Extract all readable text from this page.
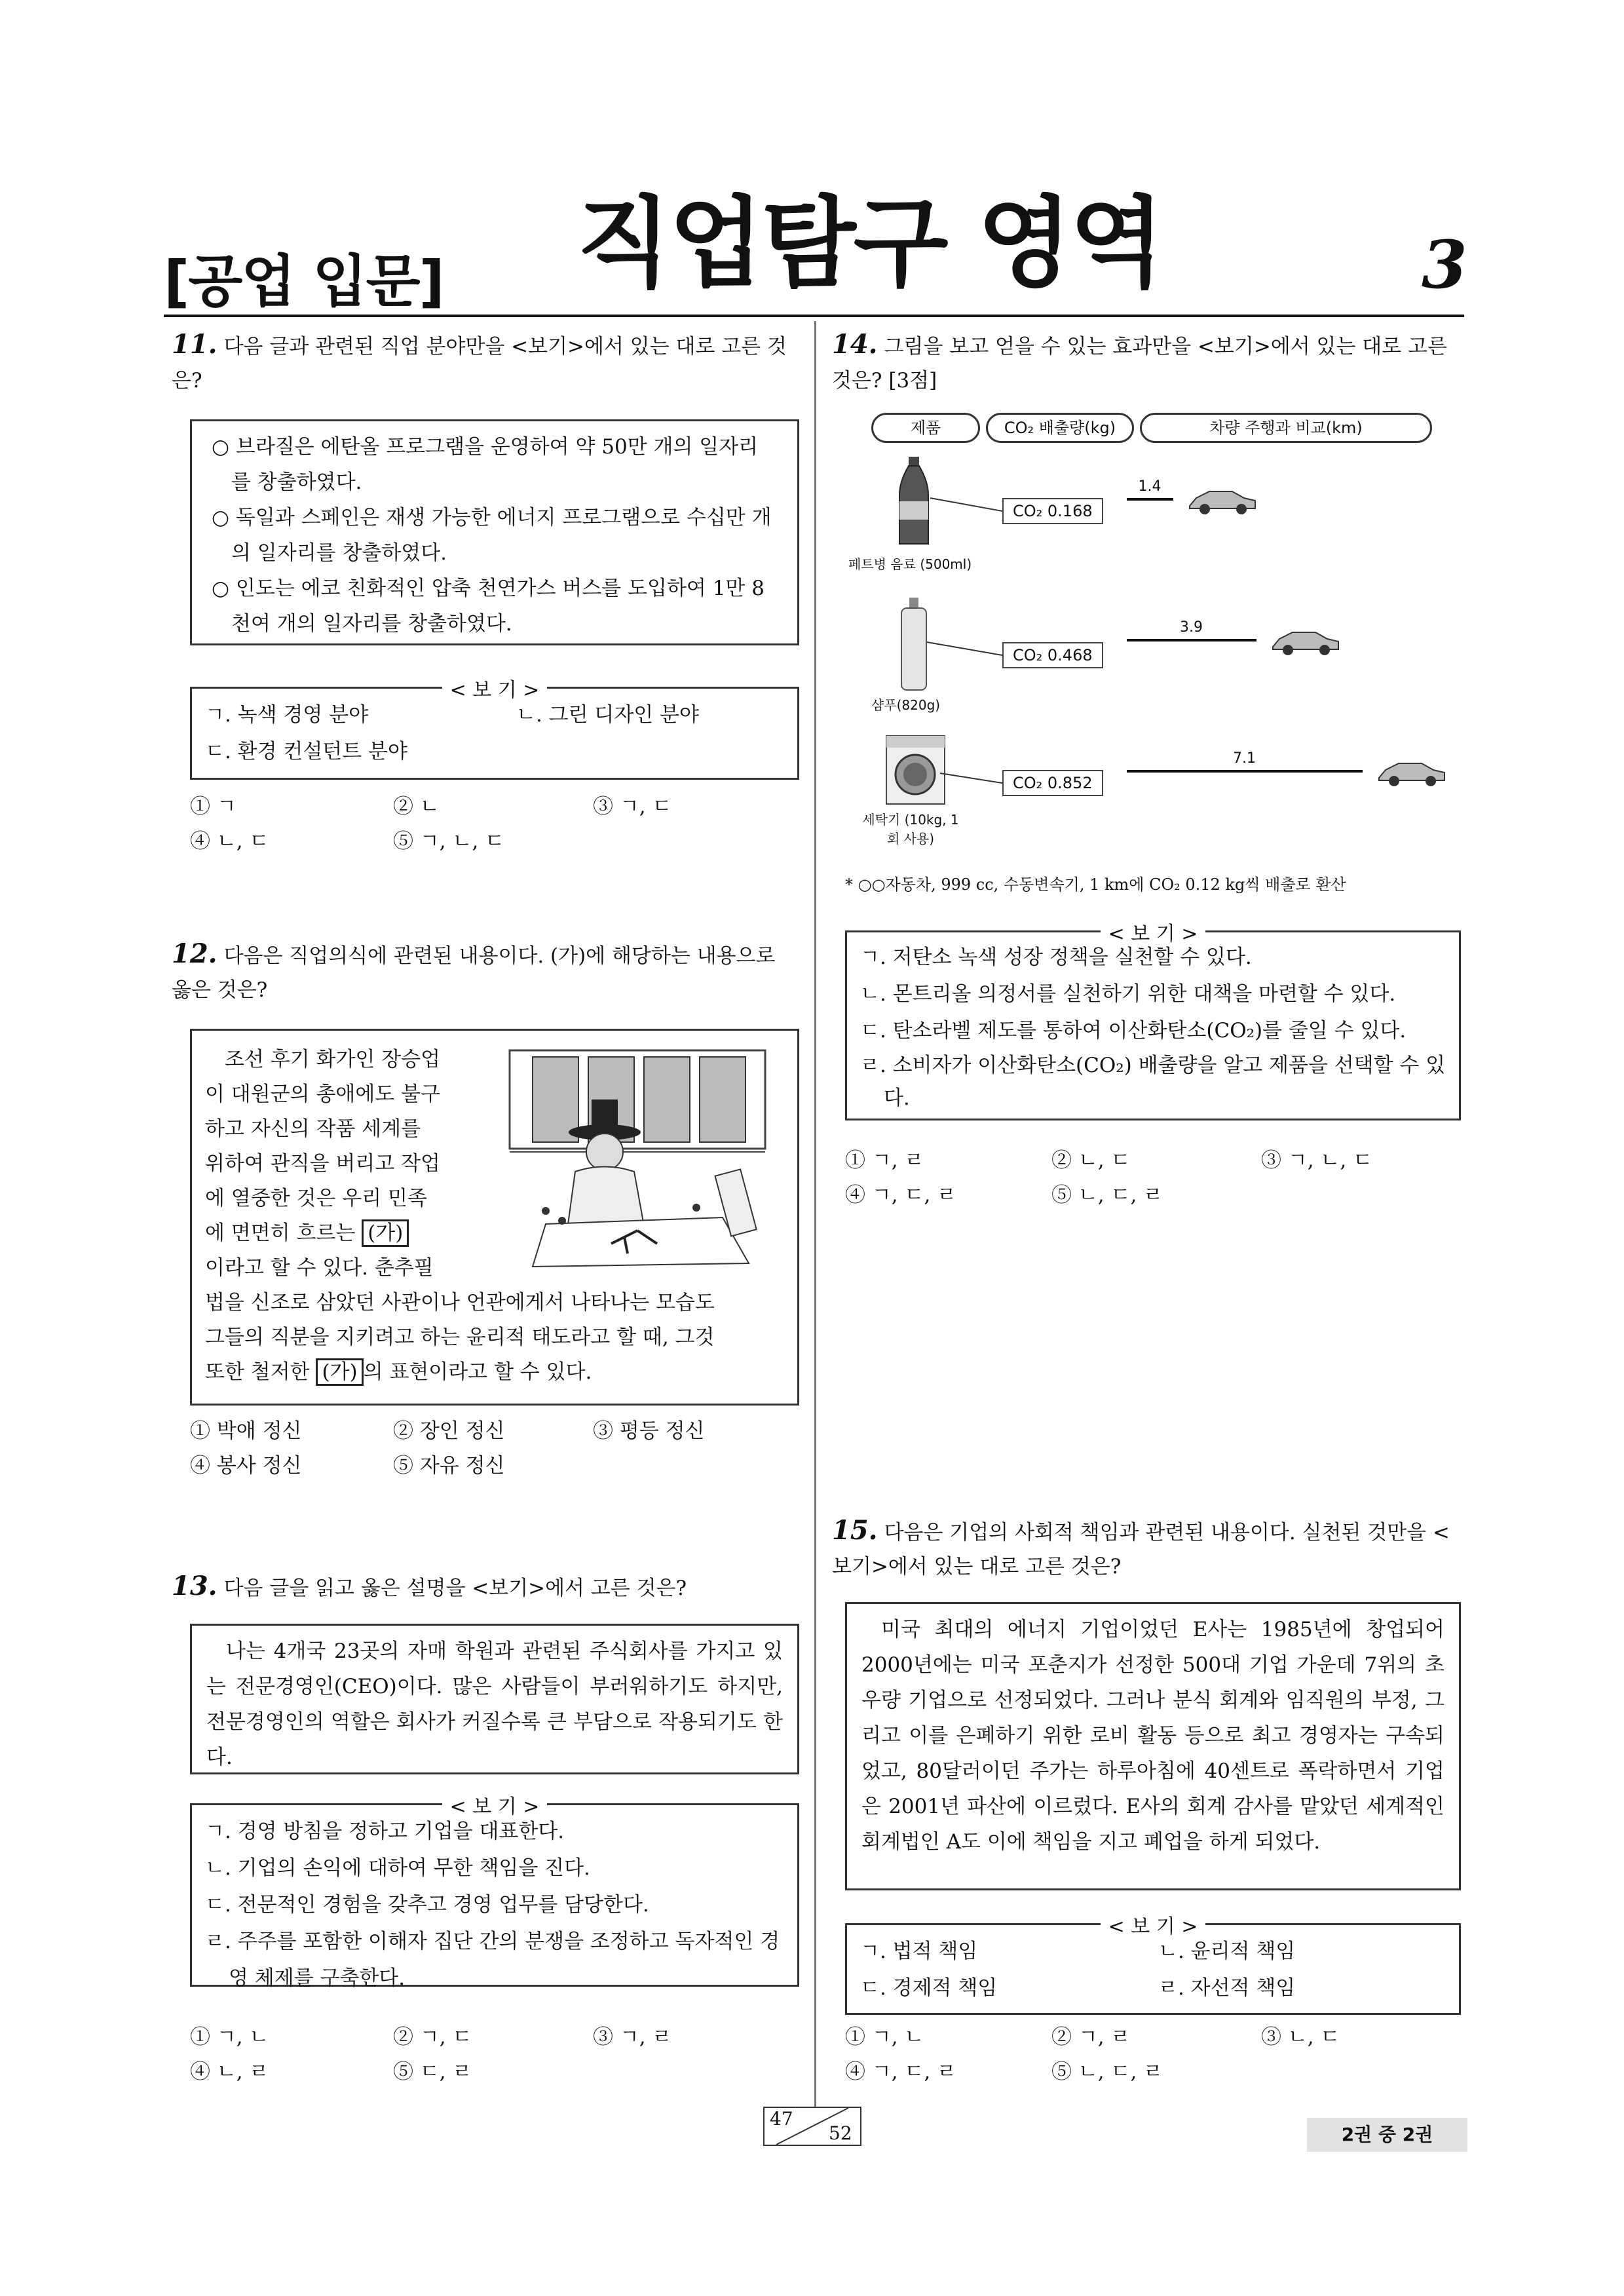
[공업 입문] 직업탐구 영역	3
11. 다음 글과 관련된 직업 분야만을 <보기>에서 있는 대로 고른 것은?
○ 브라질은 에탄올 프로그램을 운영하여 약 50만 개의 일자리를 창출하였다.
○ 독일과 스페인은 재생 가능한 에너지 프로그램으로 수십만 개의 일자리를 창출하였다.
○ 인도는 에코 친화적인 압축 천연가스 버스를 도입하여 1만 8천여 개의 일자리를 창출하였다.
< 보 기 >
ㄱ. 녹색 경영 분야	ㄴ. 그린 디자인 분야
ㄷ. 환경 컨설턴트 분야
① ㄱ	② ㄴ	③ ㄱ, ㄷ
④ ㄴ, ㄷ	⑤ ㄱ, ㄴ, ㄷ
12. 다음은 직업의식에 관련된 내용이다. (가)에 해당하는 내용으로 옳은 것은?
조선 후기 화가인 장승업
이 대원군의 총애에도 불구
하고 자신의 작품 세계를
위하여 관직을 버리고 작업
에 열중한 것은 우리 민족
에 면면히 흐르는 (가)
이라고 할 수 있다. 춘추필
법을 신조로 삼았던 사관이나 언관에게서 나타나는 모습도
그들의 직분을 지키려고 하는 윤리적 태도라고 할 때, 그것
또한 철저한 (가) 의 표현이라고 할 수 있다.
① 박애 정신	② 장인 정신	③ 평등 정신
④ 봉사 정신	⑤ 자유 정신
13. 다음 글을 읽고 옳은 설명을 <보기>에서 고른 것은?
나는 4개국 23곳의 자매 학원과 관련된 주식회사를 가지고 있는 전문경영인(CEO)이다. 많은 사람들이 부러워하기도 하지만, 전문경영인의 역할은 회사가 커질수록 큰 부담으로 작용되기도 한다.
< 보 기 >
ㄱ. 경영 방침을 정하고 기업을 대표한다.
ㄴ. 기업의 손익에 대하여 무한 책임을 진다.
ㄷ. 전문적인 경험을 갖추고 경영 업무를 담당한다.
ㄹ. 주주를 포함한 이해자 집단 간의 분쟁을 조정하고 독자적인 경영 체제를 구축한다.
① ㄱ, ㄴ	② ㄱ, ㄷ	③ ㄱ, ㄹ
④ ㄴ, ㄹ	⑤ ㄷ, ㄹ
14. 그림을 보고 얻을 수 있는 효과만을 <보기>에서 있는 대로 고른 것은? [3점]
제품	CO₂ 배출량(kg)	차량 주행과 비교(km)
페트병 음료 (500ml)
CO₂ 0.168
샴푸(820g)
CO₂ 0.468
세탁기 (10kg, 1회 사용)
CO₂ 0.852
1.4
3.9
7.1
* ○○자동차, 999 cc, 수동변속기, 1 km에 CO₂ 0.12 kg씩 배출로 환산
< 보 기 >
ㄱ. 저탄소 녹색 성장 정책을 실천할 수 있다.
ㄴ. 몬트리올 의정서를 실천하기 위한 대책을 마련할 수 있다.
ㄷ. 탄소라벨 제도를 통하여 이산화탄소(CO₂)를 줄일 수 있다.
ㄹ. 소비자가 이산화탄소(CO₂) 배출량을 알고 제품을 선택할 수 있다.
① ㄱ, ㄹ	② ㄴ, ㄷ	③ ㄱ, ㄴ, ㄷ
④ ㄱ, ㄷ, ㄹ	⑤ ㄴ, ㄷ, ㄹ
15. 다음은 기업의 사회적 책임과 관련된 내용이다. 실천된 것만을 <보기>에서 있는 대로 고른 것은?
미국 최대의 에너지 기업이었던 E사는 1985년에 창업되어 2000년에는 미국 포춘지가 선정한 500대 기업 가운데 7위의 초우량 기업으로 선정되었다. 그러나 분식 회계와 임직원의 부정, 그리고 이를 은폐하기 위한 로비 활동 등으로 최고 경영자는 구속되었고, 80달러이던 주가는 하루아침에 40센트로 폭락하면서 기업은 2001년 파산에 이르렀다. E사의 회계 감사를 맡았던 세계적인 회계법인 A도 이에 책임을 지고 폐업을 하게 되었다.
< 보 기 >
ㄱ. 법적 책임	ㄴ. 윤리적 책임
ㄷ. 경제적 책임	ㄹ. 자선적 책임
① ㄱ, ㄴ	② ㄱ, ㄹ	③ ㄴ, ㄷ
④ ㄱ, ㄷ, ㄹ	⑤ ㄴ, ㄷ, ㄹ
47
52	2권 중 2권
